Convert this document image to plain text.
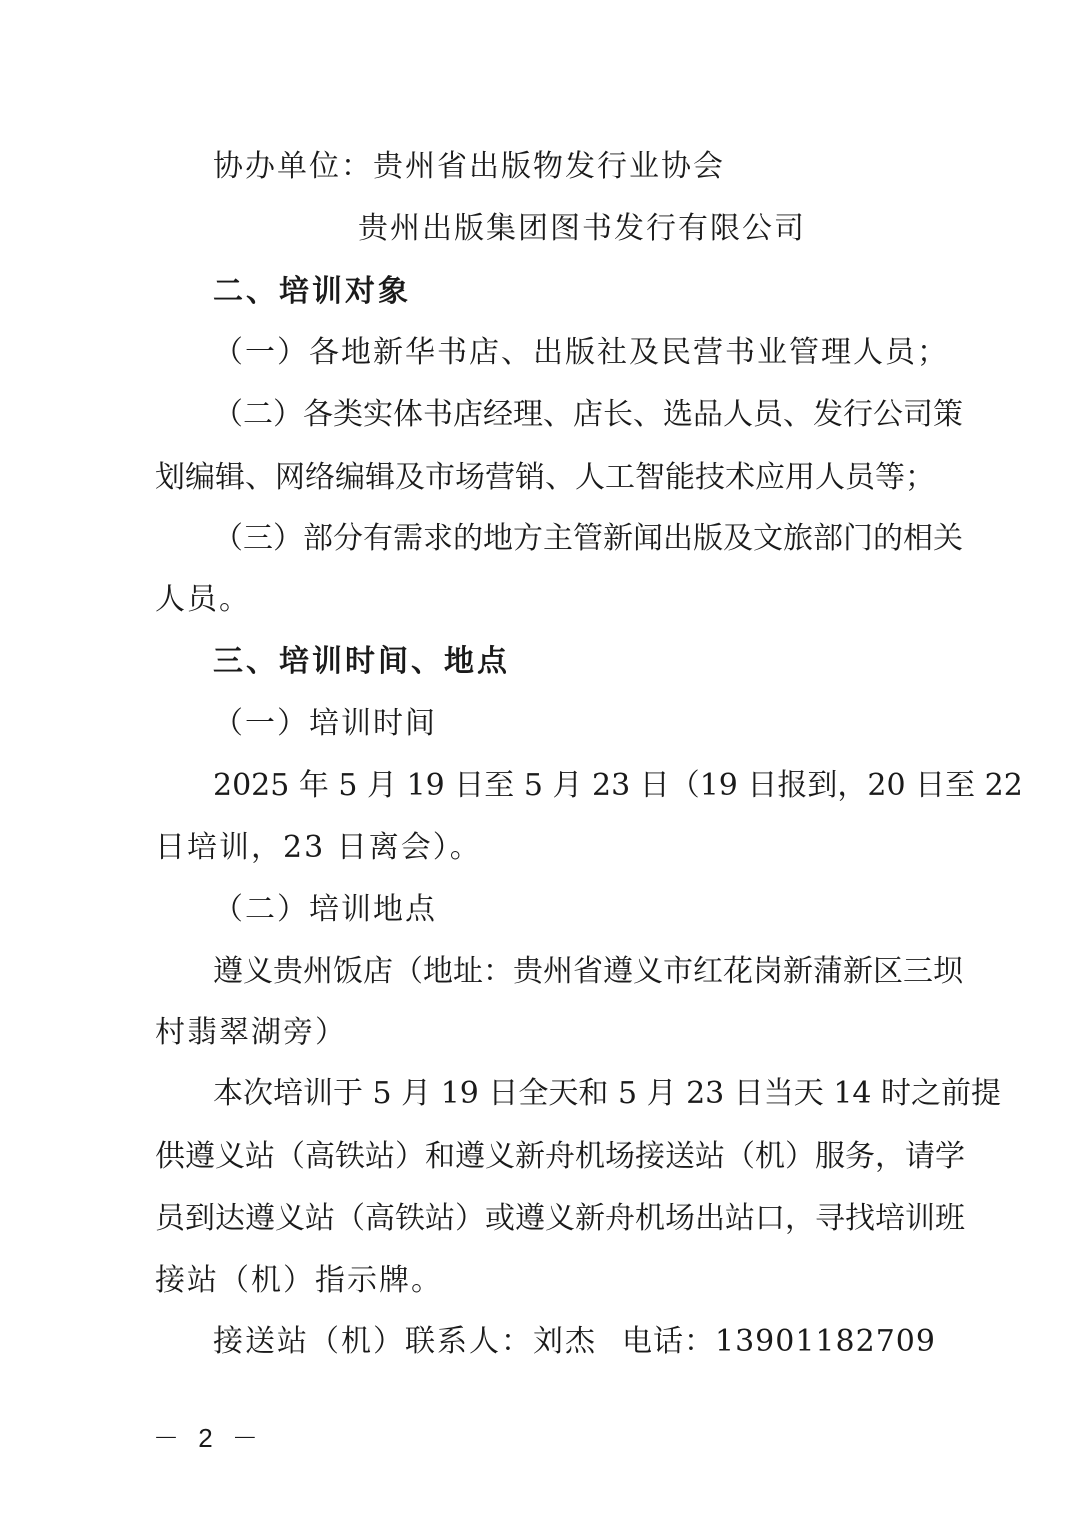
协办单位：贵州省出版物发行业协会
贵州出版集团图书发行有限公司
二、培训对象
（一）各地新华书店、出版社及民营书业管理人员；
（二）各类实体书店经理、店长、选品人员、发行公司策
划编辑、网络编辑及市场营销、人工智能技术应用人员等；
（三）部分有需求的地方主管新闻出版及文旅部门的相关
人员。
三、培训时间、地点
（一）培训时间
2025 年 5 月 19 日至 5 月 23 日（19 日报到，20 日至 22
日培训，23 日离会）。
（二）培训地点
遵义贵州饭店（地址：贵州省遵义市红花岗新蒲新区三坝
村翡翠湖旁）
本次培训于 5 月 19 日全天和 5 月 23 日当天 14 时之前提
供遵义站（高铁站）和遵义新舟机场接送站（机）服务，请学
员到达遵义站（高铁站）或遵义新舟机场出站口，寻找培训班
接站（机）指示牌。
接送站（机）联系人：刘杰 电话：13901182709
－ 2 －
